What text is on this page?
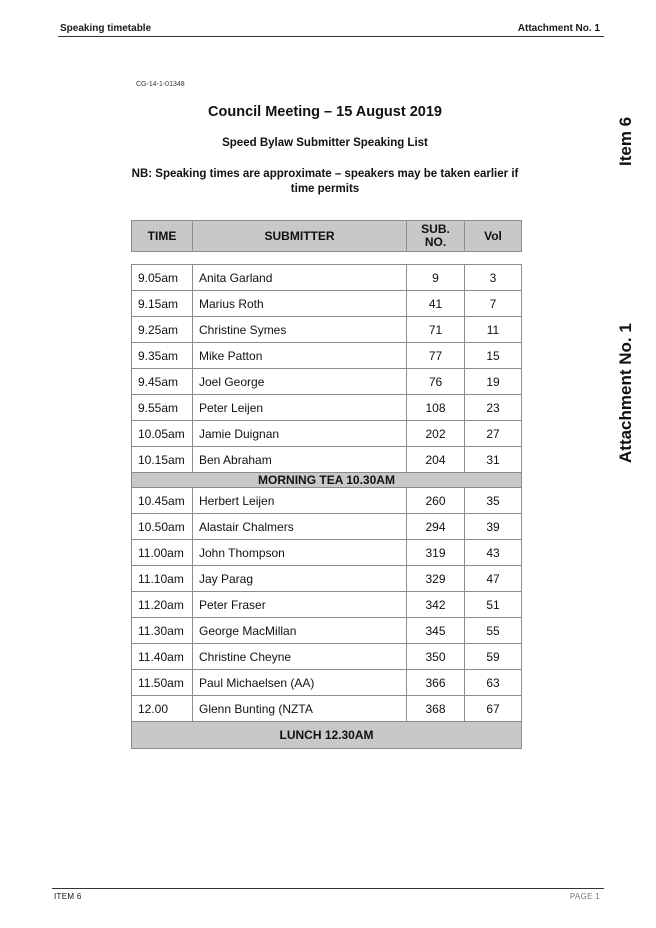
Speaking timetable	Attachment No. 1
CG-14-1-01348
Council Meeting – 15 August 2019
Speed Bylaw Submitter Speaking List
NB: Speaking times are approximate – speakers may be taken earlier if time permits
Item 6
Attachment No. 1
TIME	SUBMITTER	SUB. NO.	Vol

9.05am	Anita Garland	9	3
9.15am	Marius Roth	41	7
9.25am	Christine Symes	71	11
9.35am	Mike Patton	77	15
9.45am	Joel George	76	19
9.55am	Peter Leijen	108	23
10.05am	Jamie Duignan	202	27
10.15am	Ben Abraham	204	31
MORNING TEA 10.30AM			
10.45am	Herbert Leijen	260	35
10.50am	Alastair Chalmers	294	39
11.00am	John Thompson	319	43
11.10am	Jay Parag	329	47
11.20am	Peter Fraser	342	51
11.30am	George MacMillan	345	55
11.40am	Christine Cheyne	350	59
11.50am	Paul Michaelsen (AA)	366	63
12.00	Glenn Bunting (NZTA	368	67
LUNCH 12.30AM			
ITEM 6	PAGE 1
